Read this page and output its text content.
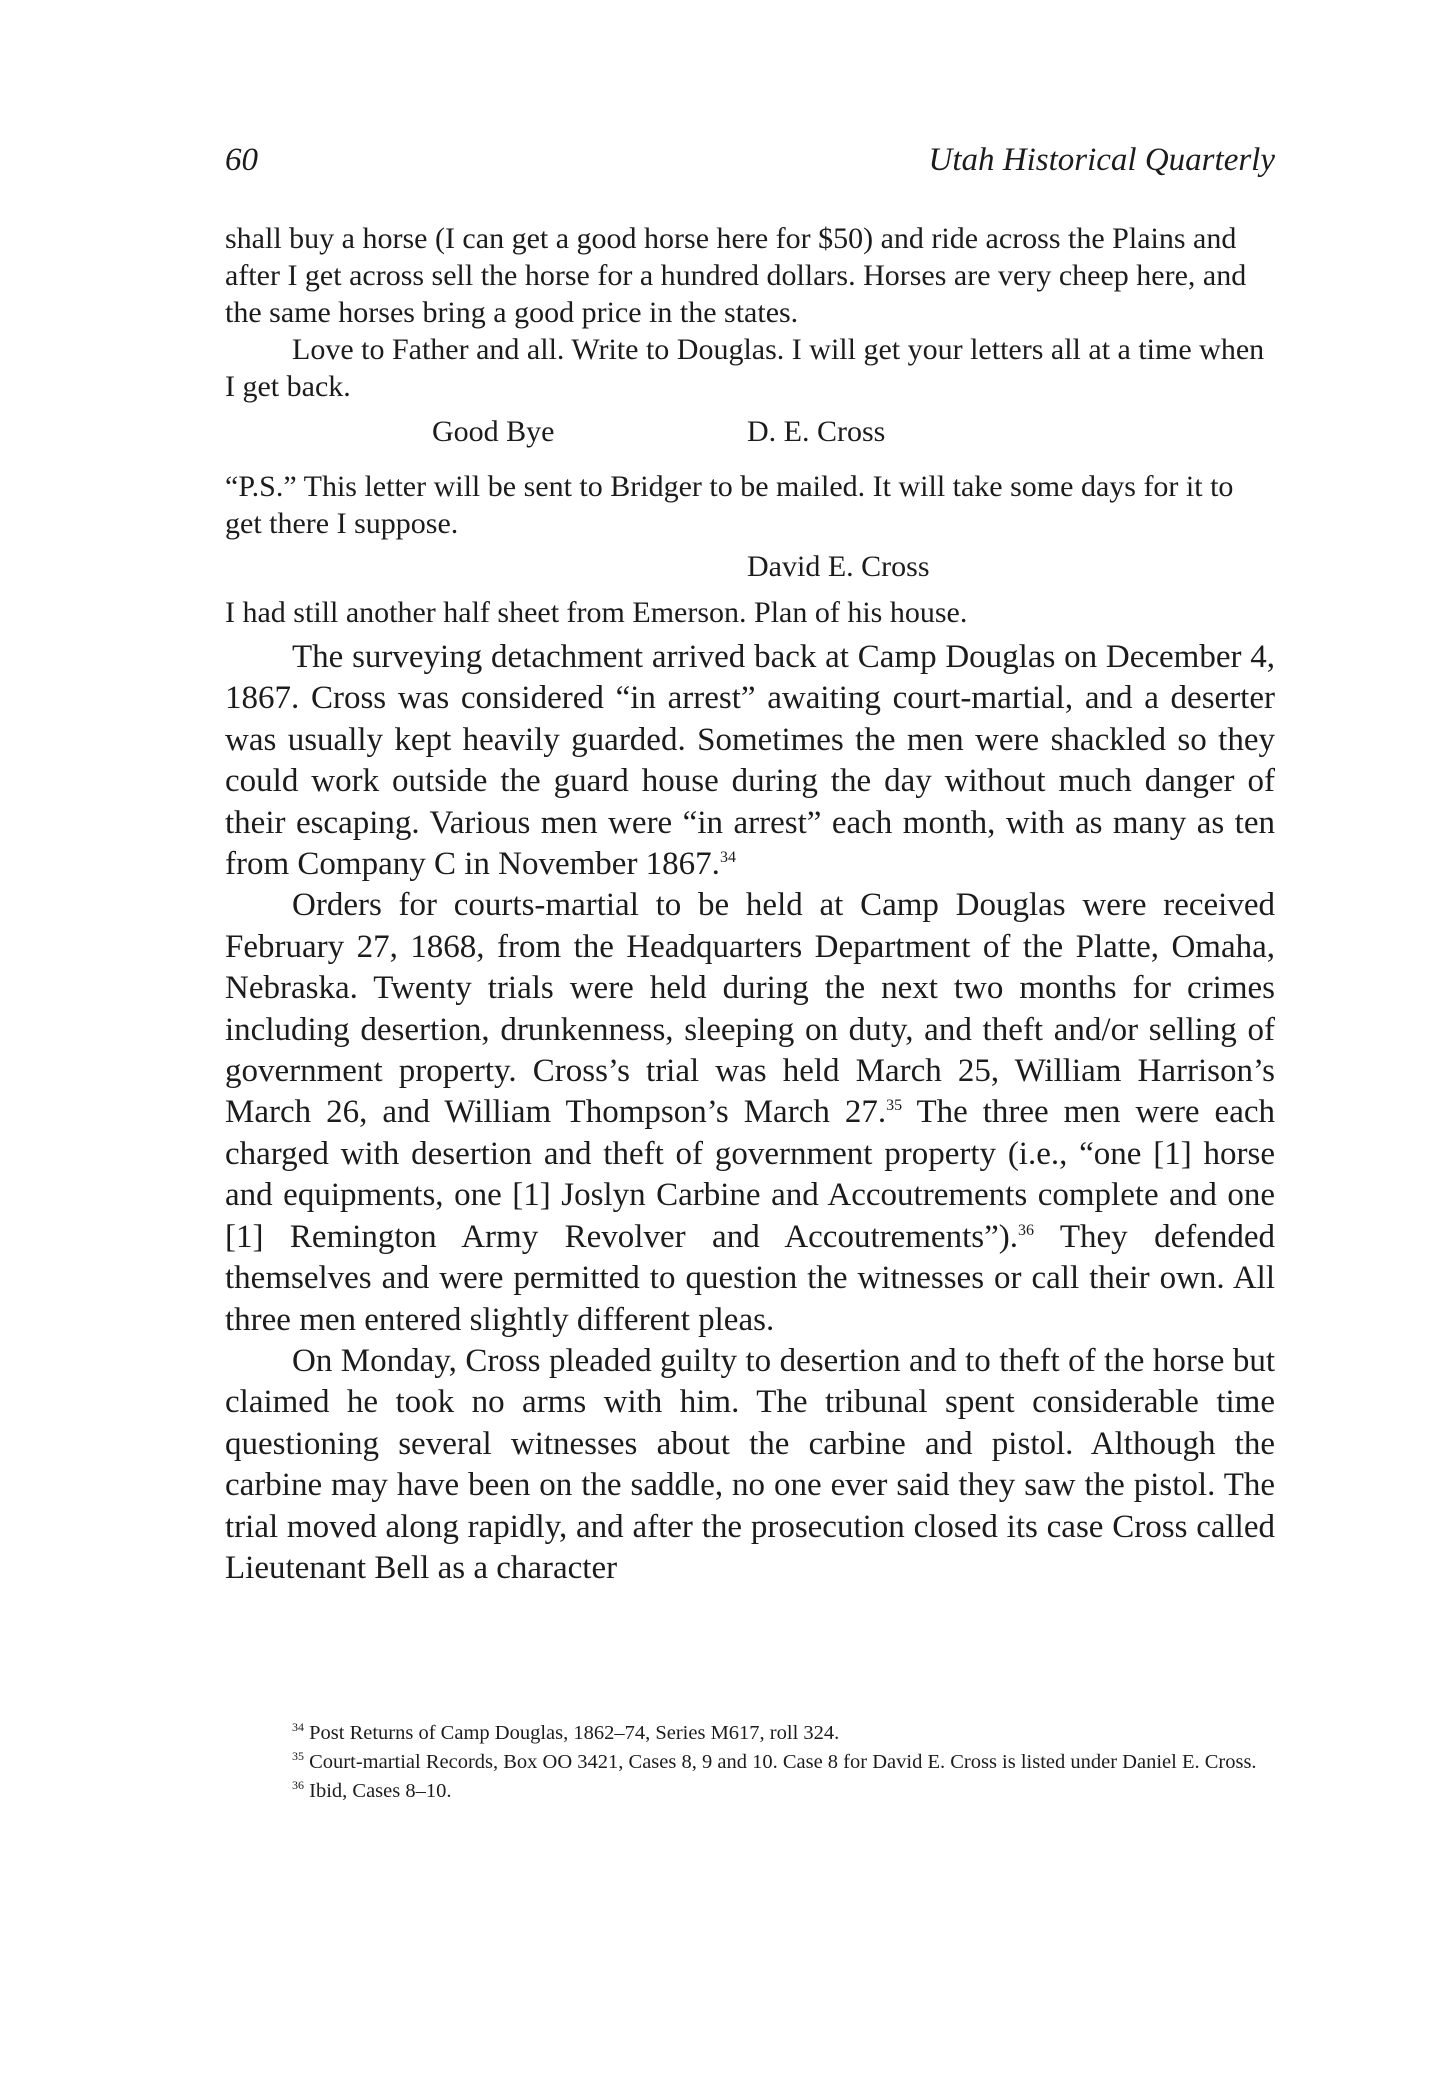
60	Utah Historical Quarterly

shall buy a horse (I can get a good horse here for $50) and ride across the Plains and after I get across sell the horse for a hundred dollars. Horses are very cheep here, and the same horses bring a good price in the states.

Love to Father and all. Write to Douglas. I will get your letters all at a time when I get back.

Good Bye	D. E. Cross

“P.S.” This letter will be sent to Bridger to be mailed. It will take some days for it to get there I suppose.

David E. Cross

I had still another half sheet from Emerson. Plan of his house.

The surveying detachment arrived back at Camp Douglas on December 4, 1867. Cross was considered “in arrest” awaiting court-martial, and a deserter was usually kept heavily guarded. Sometimes the men were shackled so they could work outside the guard house during the day without much danger of their escaping. Various men were “in arrest” each month, with as many as ten from Company C in November 1867.34

Orders for courts-martial to be held at Camp Douglas were received February 27, 1868, from the Headquarters Department of the Platte, Omaha, Nebraska. Twenty trials were held during the next two months for crimes including desertion, drunkenness, sleeping on duty, and theft and/or selling of government property. Cross’s trial was held March 25, William Harrison’s March 26, and William Thompson’s March 27.35 The three men were each charged with desertion and theft of government property (i.e., “one [1] horse and equipments, one [1] Joslyn Carbine and Accoutrements complete and one [1] Remington Army Revolver and Accoutrements”).$^{36}$ They defended themselves and were permitted to question the witnesses or call their own. All three men entered slightly different pleas.

On Monday, Cross pleaded guilty to desertion and to theft of the horse but claimed he took no arms with him. The tribunal spent considerable time questioning several witnesses about the carbine and pistol. Although the carbine may have been on the saddle, no one ever said they saw the pistol. The trial moved along rapidly, and after the prosecution closed its case Cross called Lieutenant Bell as a character

$^{34}$ Post Returns of Camp Douglas, 1862–74, Series M617, roll 324.

$^{35}$ Court-martial Records, Box OO 3421, Cases 8, 9 and 10. Case 8 for David E. Cross is listed under Daniel E. Cross.

$^{36}$ Ibid, Cases 8–10.
